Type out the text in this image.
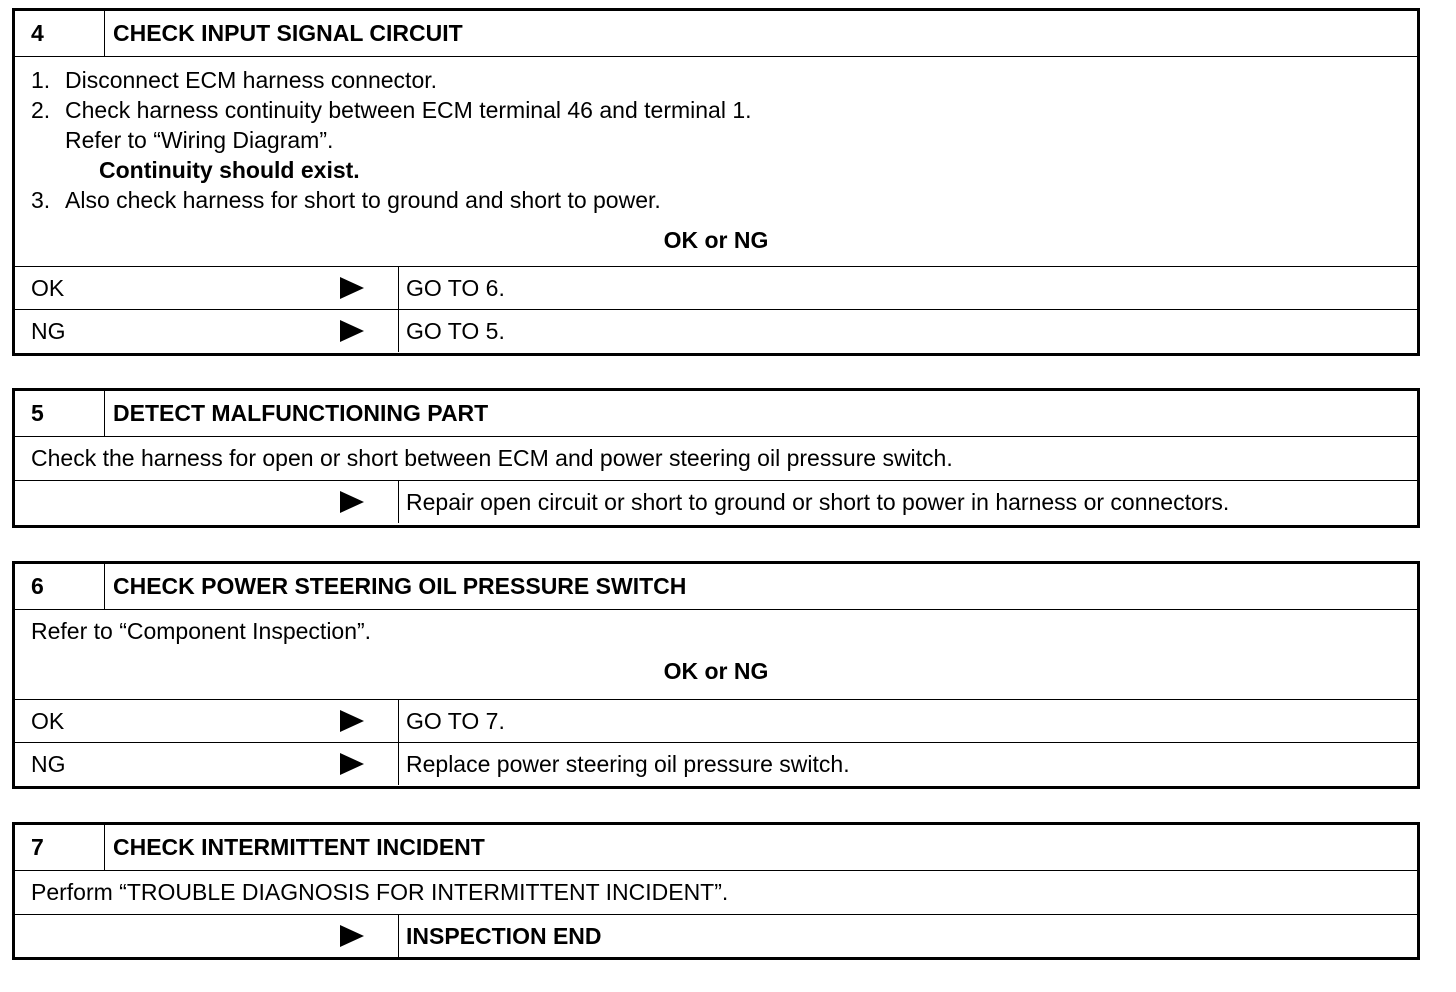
4	CHECK INPUT SIGNAL CIRCUIT
1. Disconnect ECM harness connector.
2. Check harness continuity between ECM terminal 46 and terminal 1.
Refer to “Wiring Diagram”.
Continuity should exist.
3. Also check harness for short to ground and short to power.
OK or NG
OK	GO TO 6.
NG	GO TO 5.
5	DETECT MALFUNCTIONING PART
Check the harness for open or short between ECM and power steering oil pressure switch.
Repair open circuit or short to ground or short to power in harness or connectors.
6	CHECK POWER STEERING OIL PRESSURE SWITCH
Refer to “Component Inspection”.
OK or NG
OK	GO TO 7.
NG	Replace power steering oil pressure switch.
7	CHECK INTERMITTENT INCIDENT
Perform “TROUBLE DIAGNOSIS FOR INTERMITTENT INCIDENT”.
INSPECTION END
